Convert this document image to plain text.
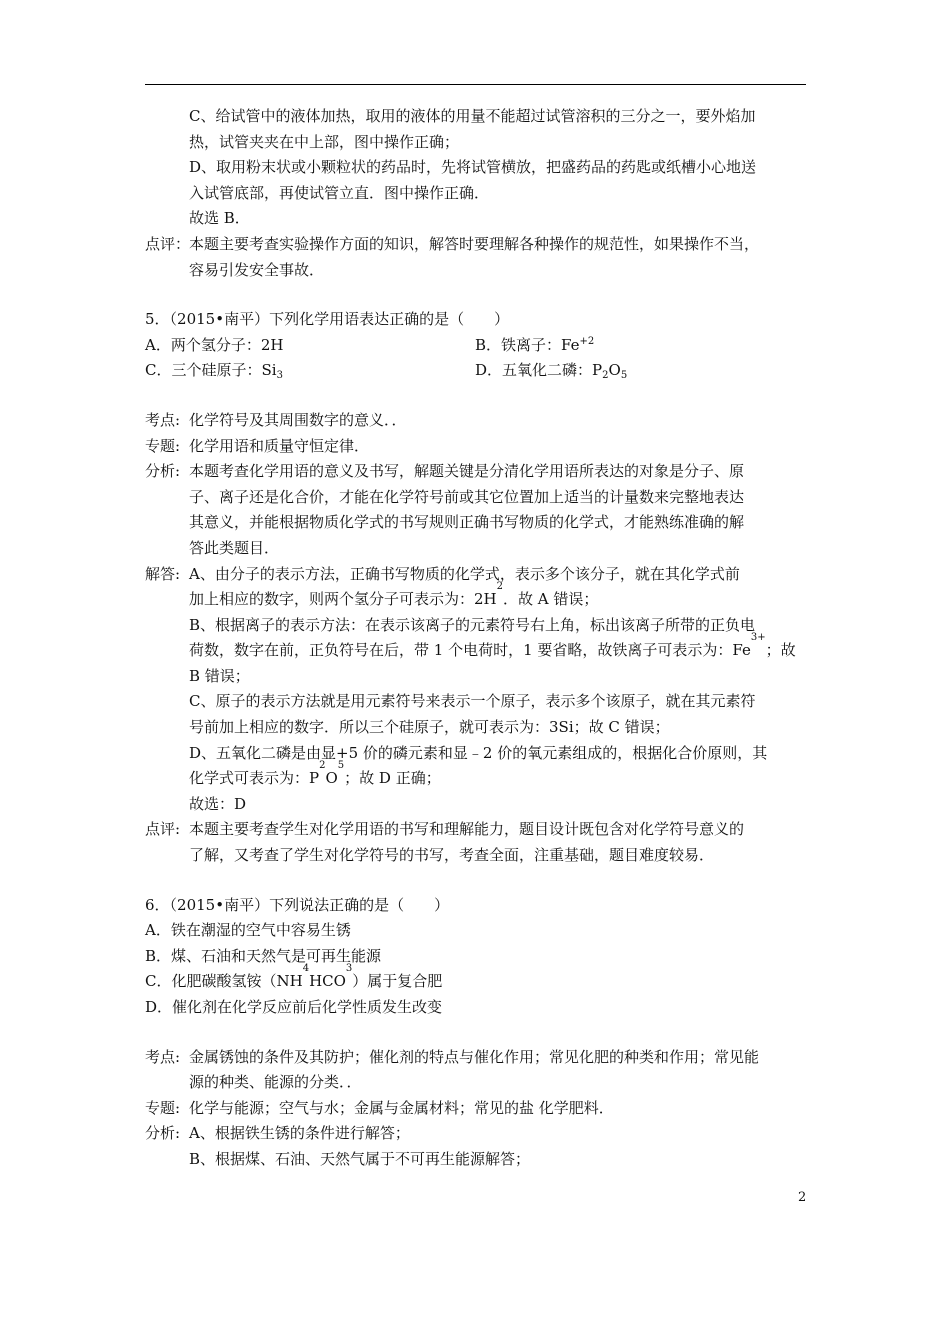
C、给试管中的液体加热，取用的液体的用量不能超过试管溶积的三分之一，要外焰加
热，试管夹夹在中上部，图中操作正确；
D、取用粉末状或小颗粒状的药品时，先将试管横放，把盛药品的药匙或纸槽小心地送
入试管底部，再使试管立直．图中操作正确．
故选 B．
点评：
本题主要考查实验操作方面的知识，解答时要理解各种操作的规范性，如果操作不当，
容易引发安全事故．
5．（2015•南平）下列化学用语表达正确的是（　　）
A．两个氢分子：2H	B．铁离子：$Fe^{+2}$
C．三个硅原子：$Si_3$	D．五氧化二磷：$P_2O_5$
考点: 化学符号及其周围数字的意义．．
专题: 化学用语和质量守恒定律．
分析: 本题考查化学用语的意义及书写，解题关键是分清化学用语所表达的对象是分子、原
子、离子还是化合价，才能在化学符号前或其它位置加上适当的计量数来完整地表达
其意义，并能根据物质化学式的书写规则正确书写物质的化学式，才能熟练准确的解
答此类题目．
解答: A、由分子的表示方法，正确书写物质的化学式，表示多个该分子，就在其化学式前
加上相应的数字，则两个氢分子可表示为：2H
2
．故 A 错误；
B、根据离子的表示方法：在表示该离子的元素符号右上角，标出该离子所带的正负电
荷数，数字在前，正负符号在后，带 1 个电荷时，1 要省略，故铁离子可表示为：Fe
3+
；故
B 错误；
C、原子的表示方法就是用元素符号来表示一个原子，表示多个该原子，就在其元素符
号前加上相应的数字．所以三个硅原子，就可表示为：3Si；故 C 错误；
D、五氧化二磷是由显+5 价的磷元素和显﹣2 价的氧元素组成的，根据化合价原则，其
化学式可表示为：P
2
O
5
；故 D 正确；
故选：D
点评: 本题主要考查学生对化学用语的书写和理解能力，题目设计既包含对化学符号意义的
了解，又考查了学生对化学符号的书写，考查全面，注重基础，题目难度较易．
6．（2015•南平）下列说法正确的是（　　）
A．铁在潮湿的空气中容易生锈
B．煤、石油和天然气是可再生能源
C．化肥碳酸氢铵（NH
4
HCO
3
）属于复合肥
D．催化剂在化学反应前后化学性质发生改变
考点: 金属锈蚀的条件及其防护；催化剂的特点与催化作用；常见化肥的种类和作用；常见能
源的种类、能源的分类．．
专题: 化学与能源；空气与水；金属与金属材料；常见的盐 化学肥料．
分析: A、根据铁生锈的条件进行解答；
B、根据煤、石油、天然气属于不可再生能源解答；
2
